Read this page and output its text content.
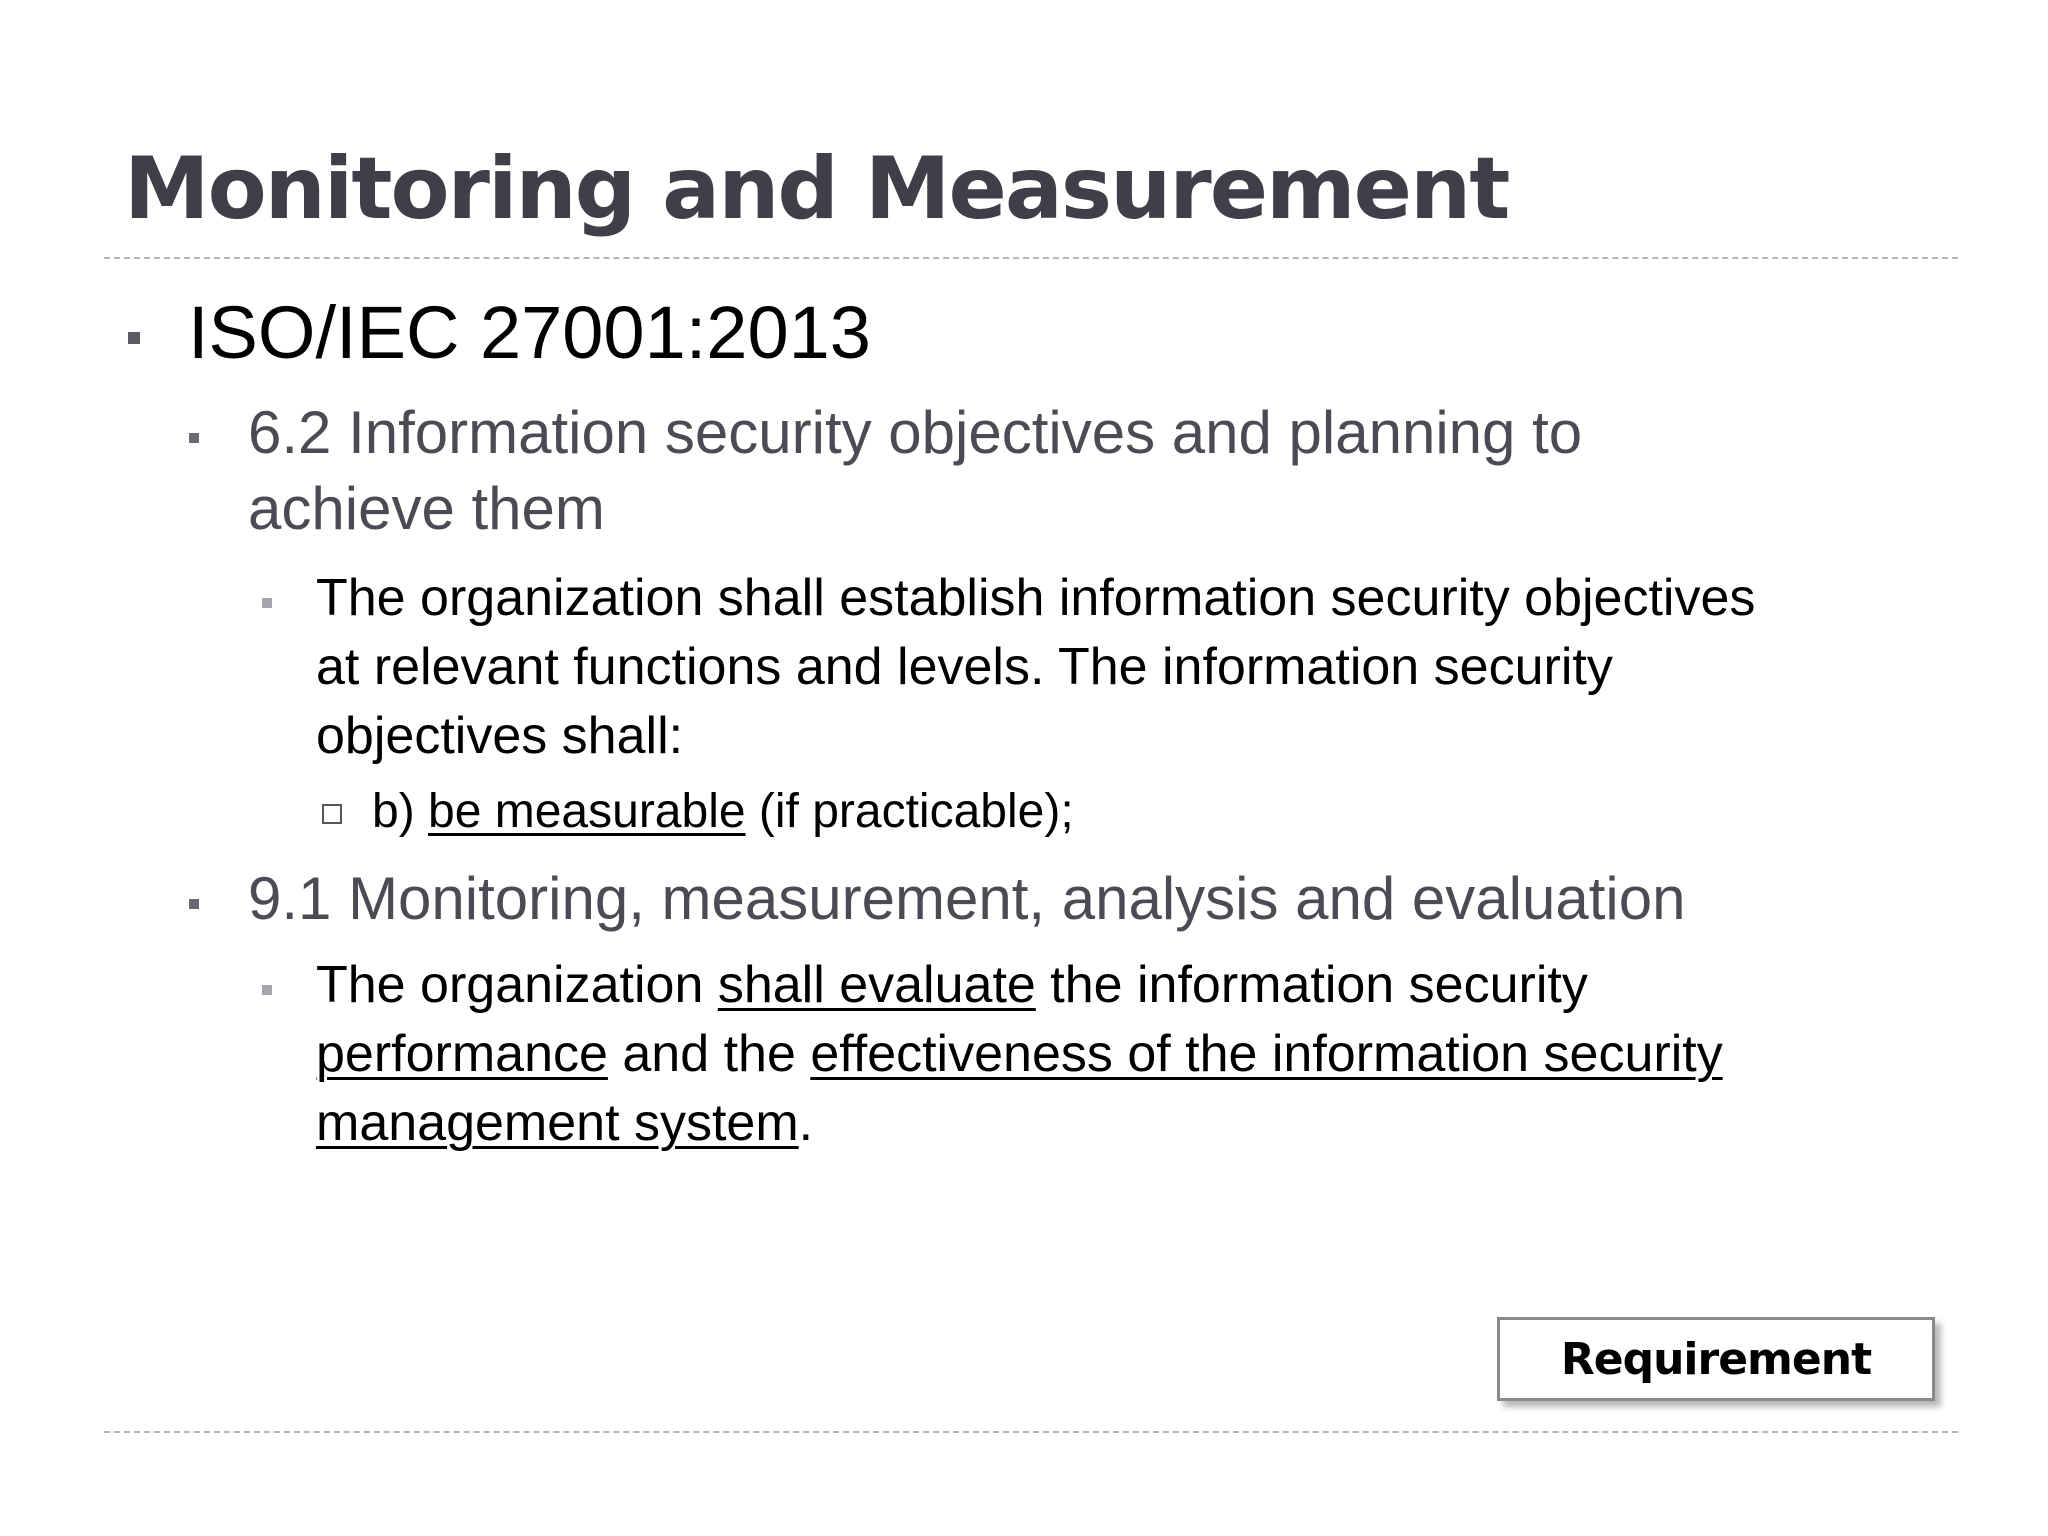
Monitoring and Measurement
ISO/IEC 27001:2013
6.2 Information security objectives and planning to
achieve them
The organization shall establish information security objectives
at relevant functions and levels. The information security
objectives shall:
b) be measurable (if practicable);
9.1 Monitoring, measurement, analysis and evaluation
The organization shall evaluate the information security
performance and the effectiveness of the information security
management system.
Requirement
